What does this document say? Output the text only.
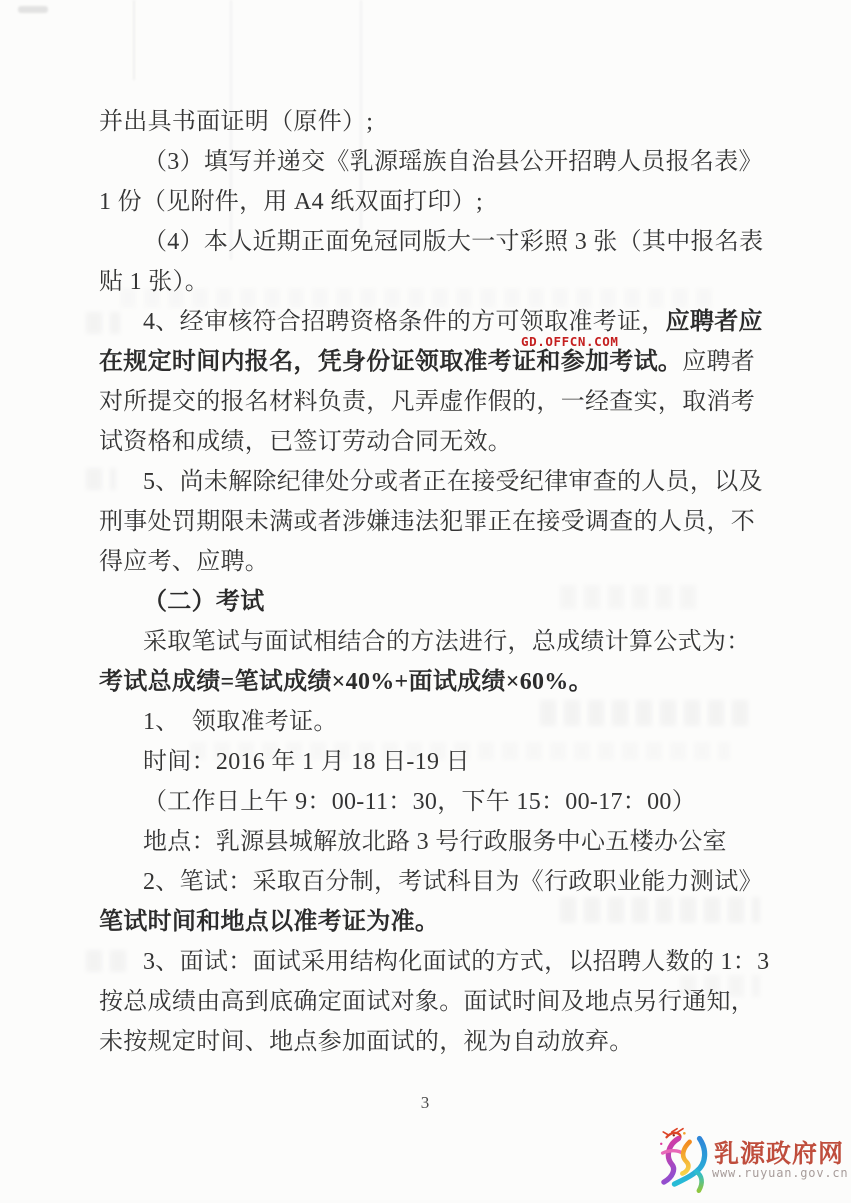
并出具书面证明（原件）;
（3）填写并递交《乳源瑶族自治县公开招聘人员报名表》
1 份（见附件，用 A4 纸双面打印）;
（4）本人近期正面免冠同版大一寸彩照 3 张（其中报名表
贴 1 张）。
4、经审核符合招聘资格条件的方可领取准考证，应聘者应
在规定时间内报名，凭身份证领取准考证和参加考试。应聘者
对所提交的报名材料负责，凡弄虚作假的，一经查实，取消考
试资格和成绩，已签订劳动合同无效。
5、尚未解除纪律处分或者正在接受纪律审查的人员，以及
刑事处罚期限未满或者涉嫌违法犯罪正在接受调查的人员，不
得应考、应聘。
（二）考试
采取笔试与面试相结合的方法进行，总成绩计算公式为：
考试总成绩=笔试成绩×40%+面试成绩×60%。
1、　领取准考证。
时间：2016 年 1 月 18 日-19 日
（工作日上午 9：00-11：30，下午 15：00-17：00）
地点：乳源县城解放北路 3 号行政服务中心五楼办公室
2、笔试：采取百分制，考试科目为《行政职业能力测试》
笔试时间和地点以准考证为准。
3、面试：面试采用结构化面试的方式，以招聘人数的 1：3
按总成绩由高到底确定面试对象。面试时间及地点另行通知，
未按规定时间、地点参加面试的，视为自动放弃。
GD.OFFCN.COM
3
乳源政府网
www.ruyuan.gov.cn
